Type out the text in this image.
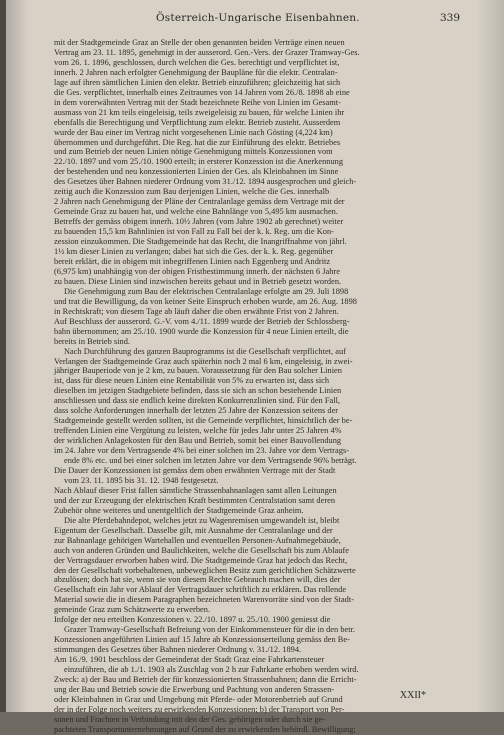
Österreich-Ungarische Eisenbahnen.	339
mit der Stadtgemeinde Graz an Stelle der oben genannten beiden Verträge einen neuen
Vertrag am 23. 11. 1895, genehmigt in der ausserord. Gen.-Vers. der Grazer Tramway-Ges.
vom 26. 1. 1896, geschlossen, durch welchen die Ges. berechtigt und verpflichtet ist,
innerh. 2 Jahren nach erfolgter Genehmigung der Baupläne für die elektr. Centralan-
lage auf ihren sämtlichen Linien den elektr. Betrieb einzuführen; gleichzeitig hat sich
die Ges. verpflichtet, innerhalb eines Zeitraumes von 14 Jahren vom 26./8. 1898 ab eine
in dem vorerwähnten Vertrag mit der Stadt bezeichnete Reihe von Linien im Gesamt-
ausmass von 21 km teils eingeleisig, teils zweigeleisig zu bauen, für welche Linien ihr
ebenfalls die Berechtigung und Verpflichtung zum elektr. Betrieb zusteht. Ausserdem
wurde der Bau einer im Vertrag nicht vorgesehenen Linie nach Gösting (4,224 km)
übernommen und durchgeführt. Die Reg. hat die zur Einführung des elektr. Betriebes
und zum Betrieb der neuen Linien nötige Genehmigung mittels Konzessionen vom
22./10. 1897 und vom 25./10. 1900 erteilt; in ersterer Konzession ist die Anerkennung
der bestehenden und neu konzessionierten Linien der Ges. als Kleinbahnen im Sinne
des Gesetzes über Bahnen niederer Ordnung vom 31./12. 1894 ausgesprochen und gleich-
zeitig auch die Konzession zum Bau derjenigen Linien, welche die Ges. innerhalb
2 Jahren nach Genehmigung der Pläne der Centralanlage gemäss dem Vertrage mit der
Gemeinde Graz zu bauen hat, und welche eine Bahnlänge von 5,495 km ausmachen.
Betreffs der gemäss obigem innerh. 10½ Jahren (vom Jahre 1902 ab gerechnet) weiter
zu bauenden 15,5 km Bahnlinien ist von Fall zu Fall bei der k. k. Reg. um die Kon-
zession einzukommen. Die Stadtgemeinde hat das Recht, die Inangriffnahme von jährl.
1½ km dieser Linien zu verlangen; dabei hat sich die Ges. der k. k. Reg. gegenüber
bereit erklärt, die in obigem mit inbegriffenen Linien nach Eggenberg und Andritz
(6,975 km) unabhängig von der obigen Fristbestimmung innerh. der nächsten 6 Jahre
zu bauen. Diese Linien sind inzwischen bereits gebaut und in Betrieb gesetzt worden.
Die Genehmigung zum Bau der elektrischen Centralanlage erfolgte am 29. Juli 1898
und trat die Bewilligung, da von keiner Seite Einspruch erhoben wurde, am 26. Aug. 1898
in Rechtskraft; von diesem Tage ab läuft daher die oben erwähnte Frist von 2 Jahren.
Auf Beschluss der ausserord. G.-V. vom 4./11. 1899 wurde der Betrieb der Schlossberg-
bahn übernommen; am 25./10. 1900 wurde die Konzession für 4 neue Linien erteilt, die
bereits in Betrieb sind.
Nach Durchführung des ganzen Bauprogramms ist die Gesellschaft verpflichtet, auf
Verlangen der Stadtgemeinde Graz auch späterhin noch 2 mal 6 km, eingeleisig, in zwei-
jähriger Bauperiode von je 2 km, zu bauen. Voraussetzung für den Bau solcher Linien
ist, dass für diese neuen Linien eine Rentabilität von 5% zu erwarten ist, dass sich
dieselben im jetzigen Stadtgebiete befinden, dass sie sich an schon bestehende Linien
anschliessen und dass sie endlich keine direkten Konkurrenzlinien sind. Für den Fall,
dass solche Anforderungen innerhalb der letzten 25 Jahre der Konzession seitens der
Stadtgemeinde gestellt werden sollten, ist die Gemeinde verpflichtet, hinsichtlich der be-
treffenden Linien eine Vergütung zu leisten, welche für jedes Jahr unter 25 Jahren 4%
der wirklichen Anlagekosten für den Bau und Betrieb, somit bei einer Bauvollendung
im 24. Jahre vor dem Vertragsende 4% bei einer solchen im 23. Jahre vor dem Vertrags-
ende 8% etc. und bei einer solchen im letzten Jahre vor dem Vertragsende 96% beträgt.
Die Dauer der Konzessionen ist gemäss dem oben erwähnten Vertrage mit der Stadt
vom 23. 11. 1895 bis 31. 12. 1948 festgesetzt.
Nach Ablauf dieser Frist fallen sämtliche Strassenbahnanlagen samt allen Leitungen
und der zur Erzeugung der elektrischen Kraft bestimmten Centralstation samt deren
Zubehör ohne weiteres und unentgeltlich der Stadtgemeinde Graz anheim.
Die alte Pferdebahndepot, welches jetzt zu Wagenremisen umgewandelt ist, bleibt
Eigentum der Gesellschaft. Dasselbe gilt, mit Ausnahme der Centralanlage und der
zur Bahnanlage gehörigen Wartehallen und eventuellen Personen-Aufnahmegebäude,
auch von anderen Gründen und Baulichkeiten, welche die Gesellschaft bis zum Ablaufe
der Vertragsdauer erworben haben wird. Die Stadtgemeinde Graz hat jedoch das Recht,
den der Gesellschaft vorbehaltenen, unbeweglichen Besitz zum gerichtlichen Schätzwerte
abzulösen; doch hat sie, wenn sie von diesem Rechte Gebrauch machen will, dies der
Gesellschaft ein Jahr vor Ablauf der Vertragsdauer schriftlich zu erklären. Das rollende
Material sowie die in diesem Paragraphen bezeichneten Warenvorräte sind von der Stadt-
gemeinde Graz zum Schätzwerte zu erwerben.
Infolge der neu erteilten Konzessionen v. 22./10. 1897 u. 25./10. 1900 geniesst die
Grazer Tramway-Gesellschaft Befreiung von der Einkommensteuer für die in den betr.
Konzessionen angeführten Linien auf 15 Jahre ab Konzessionserteilung gemäss den Be-
stimmungen des Gesetzes über Bahnen niederer Ordnung v. 31./12. 1894.
Am 16./9. 1901 beschloss der Gemeinderat der Stadt Graz eine Fahrkartensteuer
einzuführen, die ab 1./1. 1903 als Zuschlag von 2 h zur Fahrkarte erhoben werden wird.
Zweck: a) der Bau und Betrieb der für konzessionierten Strassenbahnen; dann die Erricht-
ung der Bau und Betrieb sowie die Erwerbung und Pachtung von anderen Strassen-
oder Kleinbahnen in Graz und Umgebung mit Pferde- oder Motorenbetrieb auf Grund
der in der Folge noch weiters zu erwirkenden Konzessionen; b) der Transport von Per-
sonen und Frachten in Verbindung mit den der Ges. gehörigen oder durch sie ge-
pachteten Transportunternehmungen auf Grund der zu erwirkenden behördl. Bewilligung;
XXII*
